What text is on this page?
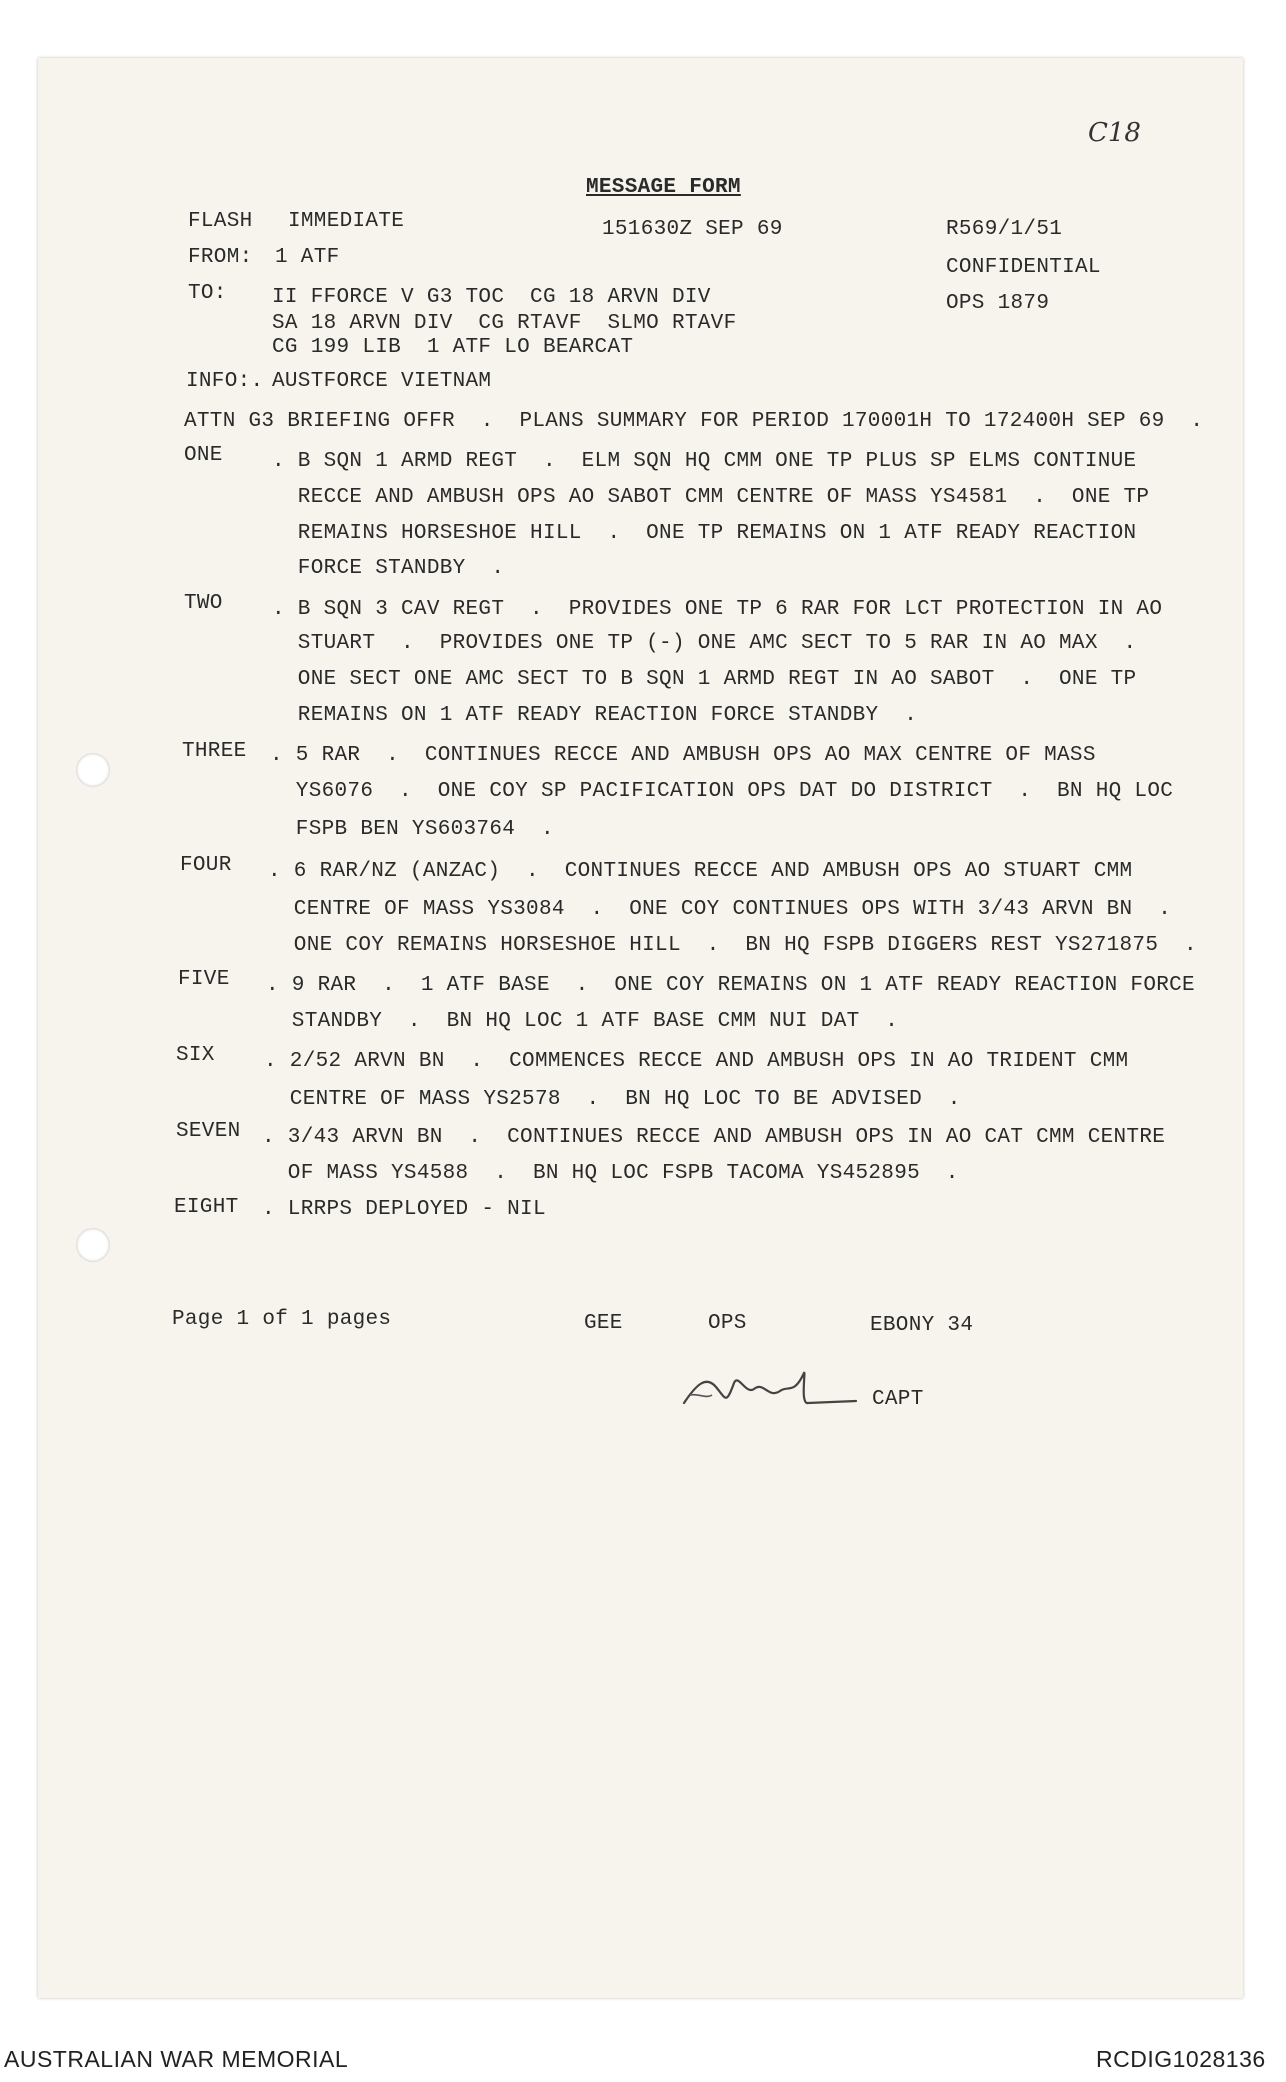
C18
MESSAGE FORM
FLASH IMMEDIATE	151630Z SEP 69	R569/1/51
CONFIDENTIAL
OPS 1879
FROM: 1 ATF
TO: II FFORCE V G3 TOC  CG 18 ARVN DIV
SA 18 ARVN DIV  CG RTAVF  SLMO RTAVF
CG 199 LIB  1 ATF LO BEARCAT
INFO:. AUSTFORCE VIETNAM
ATTN G3 BRIEFING OFFR  .  PLANS SUMMARY FOR PERIOD 170001H TO 172400H SEP 69  .
ONE . B SQN 1 ARMD REGT  .  ELM SQN HQ CMM ONE TP PLUS SP ELMS CONTINUE
RECCE AND AMBUSH OPS AO SABOT CMM CENTRE OF MASS YS4581  .  ONE TP
REMAINS HORSESHOE HILL  .  ONE TP REMAINS ON 1 ATF READY REACTION
FORCE STANDBY  .
TWO . B SQN 3 CAV REGT  .  PROVIDES ONE TP 6 RAR FOR LCT PROTECTION IN AO
STUART  .  PROVIDES ONE TP (-) ONE AMC SECT TO 5 RAR IN AO MAX  .
ONE SECT ONE AMC SECT TO B SQN 1 ARMD REGT IN AO SABOT  .  ONE TP
REMAINS ON 1 ATF READY REACTION FORCE STANDBY  .
THREE . 5 RAR  .  CONTINUES RECCE AND AMBUSH OPS AO MAX CENTRE OF MASS
YS6076  .  ONE COY SP PACIFICATION OPS DAT DO DISTRICT  .  BN HQ LOC
FSPB BEN YS603764  .
FOUR . 6 RAR/NZ (ANZAC)  .  CONTINUES RECCE AND AMBUSH OPS AO STUART CMM
CENTRE OF MASS YS3084  .  ONE COY CONTINUES OPS WITH 3/43 ARVN BN  .
ONE COY REMAINS HORSESHOE HILL  .  BN HQ FSPB DIGGERS REST YS271875  .
FIVE . 9 RAR  .  1 ATF BASE  .  ONE COY REMAINS ON 1 ATF READY REACTION FORCE
STANDBY  .  BN HQ LOC 1 ATF BASE CMM NUI DAT  .
SIX . 2/52 ARVN BN  .  COMMENCES RECCE AND AMBUSH OPS IN AO TRIDENT CMM
CENTRE OF MASS YS2578  .  BN HQ LOC TO BE ADVISED  .
SEVEN . 3/43 ARVN BN  .  CONTINUES RECCE AND AMBUSH OPS IN AO CAT CMM CENTRE
OF MASS YS4588  .  BN HQ LOC FSPB TACOMA YS452895  .
EIGHT . LRRPS DEPLOYED - NIL
Page 1 of 1 pages	GEE	OPS	EBONY 34
CAPT
AUSTRALIAN WAR MEMORIAL	RCDIG1028136
